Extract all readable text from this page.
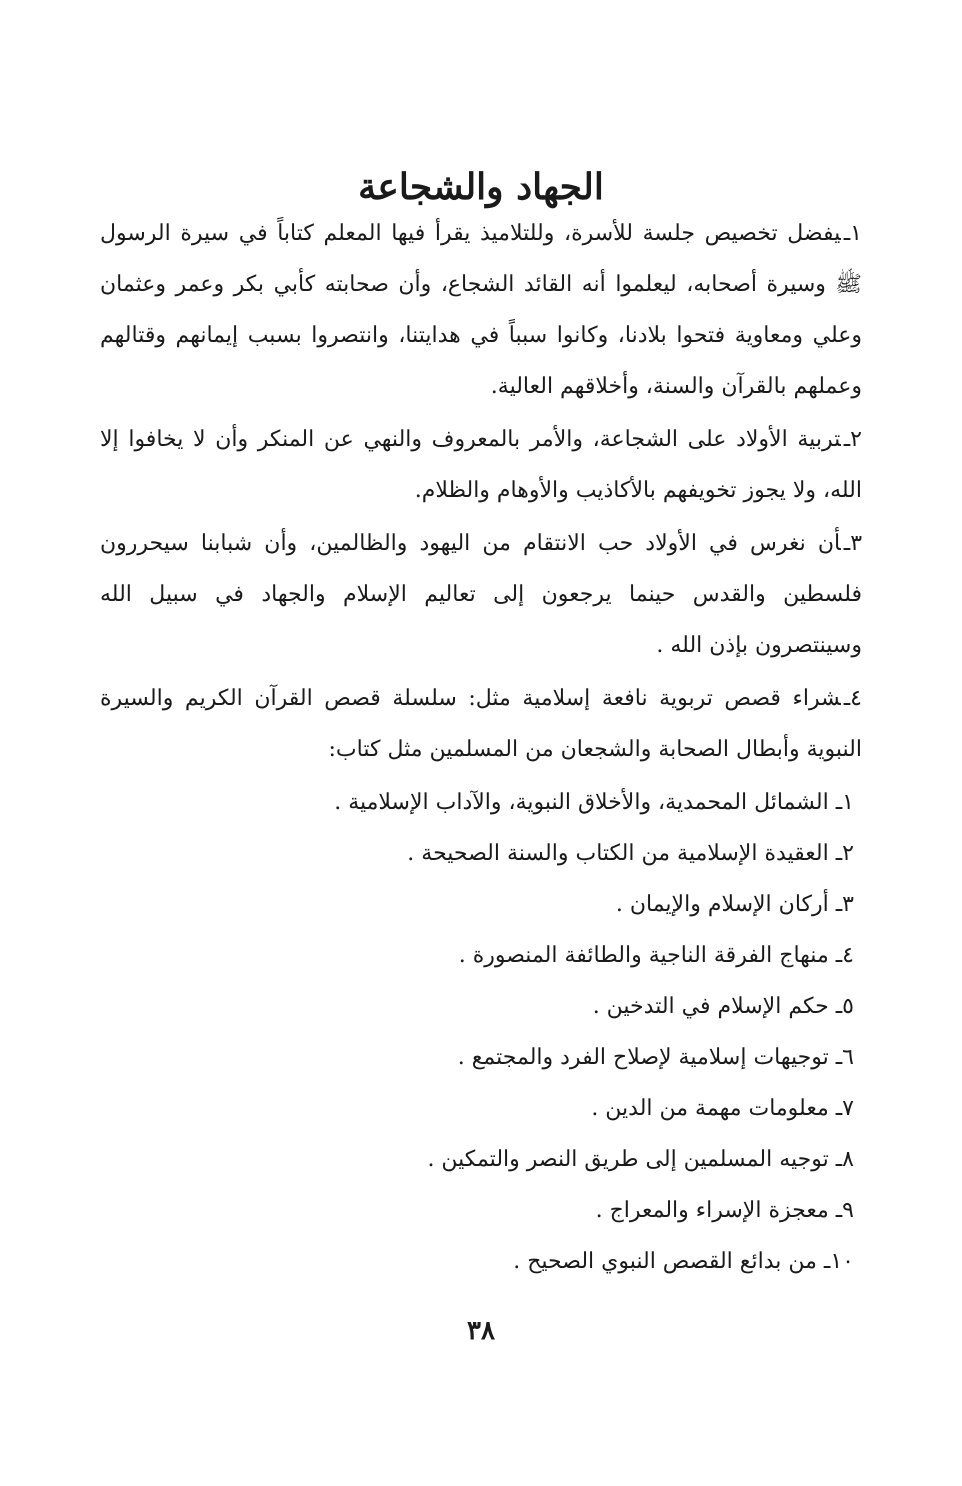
الجهاد والشجاعة

١ـيفضل تخصيص جلسة للأسرة، وللتلاميذ يقرأ فيها المعلم كتاباً في سيرة الرسول ﷺ وسيرة أصحابه، ليعلموا أنه القائد الشجاع، وأن صحابته كأبي بكر وعمر وعثمان وعلي ومعاوية فتحوا بلادنا، وكانوا سبباً في هدايتنا، وانتصروا بسبب إيمانهم وقتالهم وعملهم بالقرآن والسنة، وأخلاقهم العالية.

٢ـتربية الأولاد على الشجاعة، والأمر بالمعروف والنهي عن المنكر وأن لا يخافوا إلا الله، ولا يجوز تخويفهم بالأكاذيب والأوهام والظلام.

٣ـأن نغرس في الأولاد حب الانتقام من اليهود والظالمين، وأن شبابنا سيحررون فلسطين والقدس حينما يرجعون إلى تعاليم الإسلام والجهاد في سبيل الله وسينتصرون بإذن الله .

٤ـشراء قصص تربوية نافعة إسلامية مثل: سلسلة قصص القرآن الكريم والسيرة النبوية وأبطال الصحابة والشجعان من المسلمين مثل كتاب:

١ـ الشمائل المحمدية، والأخلاق النبوية، والآداب الإسلامية .
٢ـ العقيدة الإسلامية من الكتاب والسنة الصحيحة .
٣ـ أركان الإسلام والإيمان .
٤ـ منهاج الفرقة الناجية والطائفة المنصورة .
٥ـ حكم الإسلام في التدخين .
٦ـ توجيهات إسلامية لإصلاح الفرد والمجتمع .
٧ـ معلومات مهمة من الدين .
٨ـ توجيه المسلمين إلى طريق النصر والتمكين .
٩ـ معجزة الإسراء والمعراج .
١٠ـ من بدائع القصص النبوي الصحيح .
٣٨
